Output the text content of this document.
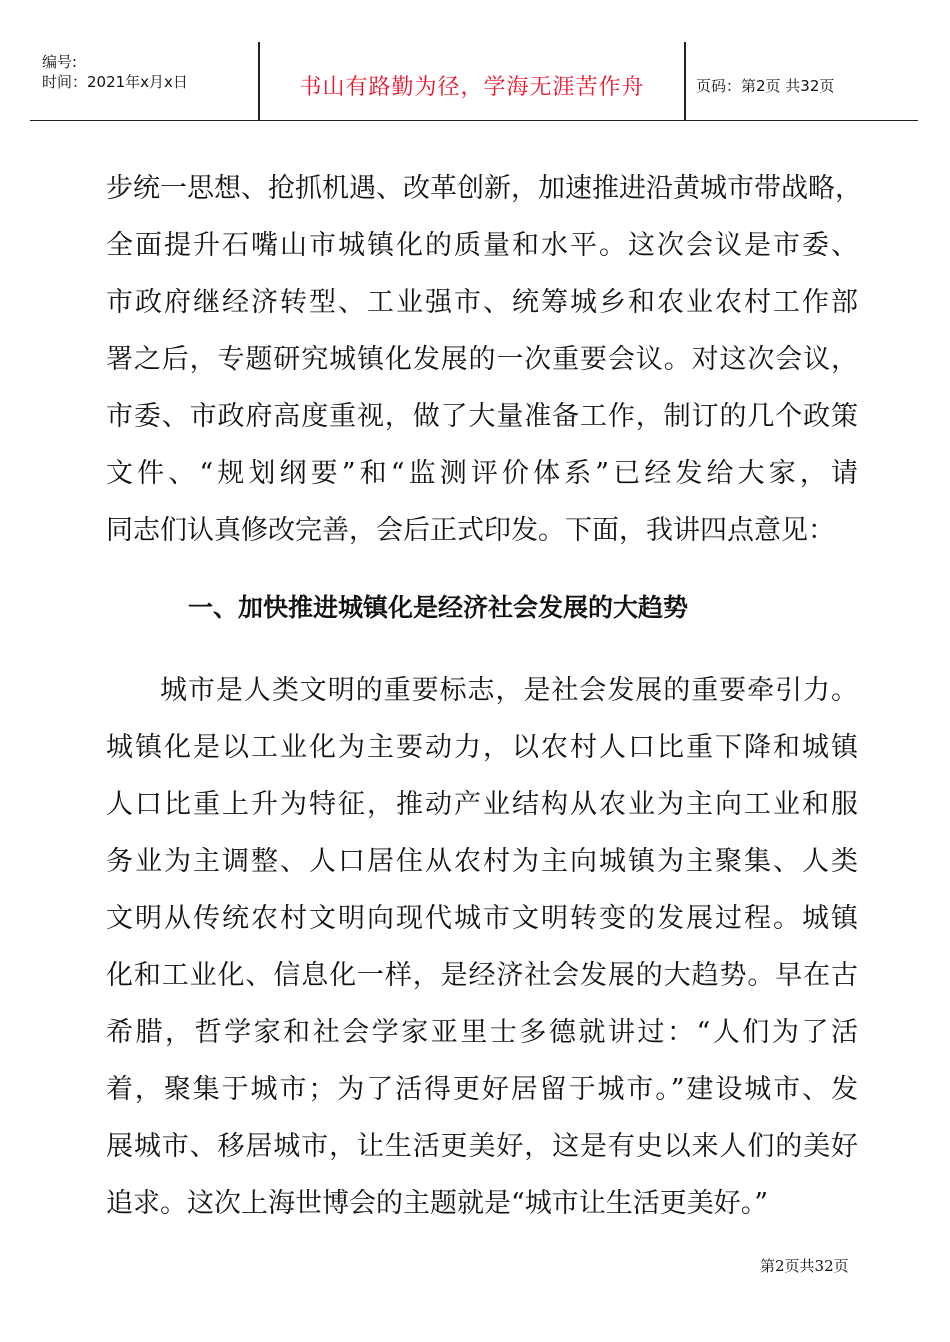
编号:
时间：2021年x月x日	书山有路勤为径，学海无涯苦作舟	页码：第2页 共32页
步统一思想、抢抓机遇、改革创新，加速推进沿黄城市带战略，
全面提升石嘴山市城镇化的质量和水平。这次会议是市委、
市政府继经济转型、工业强市、统筹城乡和农业农村工作部
署之后，专题研究城镇化发展的一次重要会议。对这次会议，
市委、市政府高度重视，做了大量准备工作，制订的几个政策
文件、“规划纲要”和“监测评价体系”已经发给大家，请
同志们认真修改完善，会后正式印发。下面，我讲四点意见：
一、加快推进城镇化是经济社会发展的大趋势
城市是人类文明的重要标志，是社会发展的重要牵引力。
城镇化是以工业化为主要动力，以农村人口比重下降和城镇
人口比重上升为特征，推动产业结构从农业为主向工业和服
务业为主调整、人口居住从农村为主向城镇为主聚集、人类
文明从传统农村文明向现代城市文明转变的发展过程。城镇
化和工业化、信息化一样，是经济社会发展的大趋势。早在古
希腊，哲学家和社会学家亚里士多德就讲过：“人们为了活
着，聚集于城市；为了活得更好居留于城市。”建设城市、发
展城市、移居城市，让生活更美好，这是有史以来人们的美好
追求。这次上海世博会的主题就是“城市让生活更美好。”
第2页共32页
